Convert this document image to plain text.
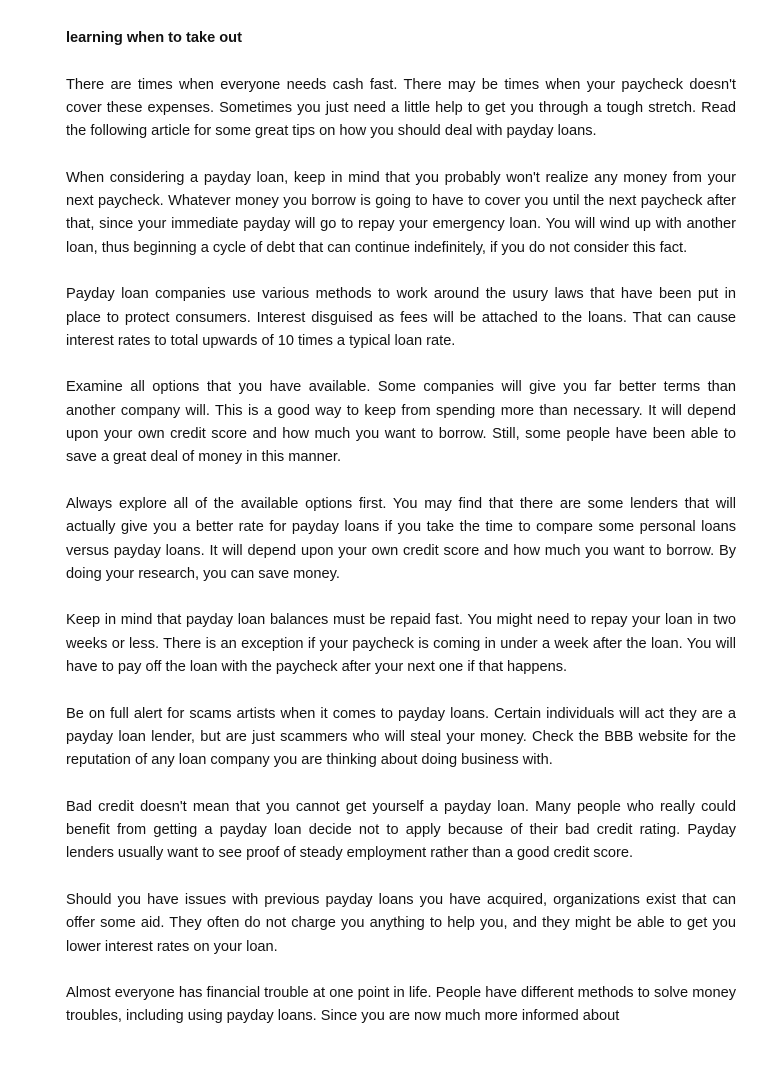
learning when to take out

There are times when everyone needs cash fast. There may be times when your paycheck doesn't cover these expenses. Sometimes you just need a little help to get you through a tough stretch. Read the following article for some great tips on how you should deal with payday loans.

When considering a payday loan, keep in mind that you probably won't realize any money from your next paycheck. Whatever money you borrow is going to have to cover you until the next paycheck after that, since your immediate payday will go to repay your emergency loan. You will wind up with another loan, thus beginning a cycle of debt that can continue indefinitely, if you do not consider this fact.

Payday loan companies use various methods to work around the usury laws that have been put in place to protect consumers. Interest disguised as fees will be attached to the loans. That can cause interest rates to total upwards of 10 times a typical loan rate.

Examine all options that you have available. Some companies will give you far better terms than another company will. This is a good way to keep from spending more than necessary. It will depend upon your own credit score and how much you want to borrow. Still, some people have been able to save a great deal of money in this manner.

Always explore all of the available options first. You may find that there are some lenders that will actually give you a better rate for payday loans if you take the time to compare some personal loans versus payday loans. It will depend upon your own credit score and how much you want to borrow. By doing your research, you can save money.

Keep in mind that payday loan balances must be repaid fast. You might need to repay your loan in two weeks or less. There is an exception if your paycheck is coming in under a week after the loan. You will have to pay off the loan with the paycheck after your next one if that happens.

Be on full alert for scams artists when it comes to payday loans. Certain individuals will act they are a payday loan lender, but are just scammers who will steal your money. Check the BBB website for the reputation of any loan company you are thinking about doing business with.

Bad credit doesn't mean that you cannot get yourself a payday loan. Many people who really could benefit from getting a payday loan decide not to apply because of their bad credit rating. Payday lenders usually want to see proof of steady employment rather than a good credit score.

Should you have issues with previous payday loans you have acquired, organizations exist that can offer some aid. They often do not charge you anything to help you, and they might be able to get you lower interest rates on your loan.

Almost everyone has financial trouble at one point in life. People have different methods to solve money troubles, including using payday loans. Since you are now much more informed about
